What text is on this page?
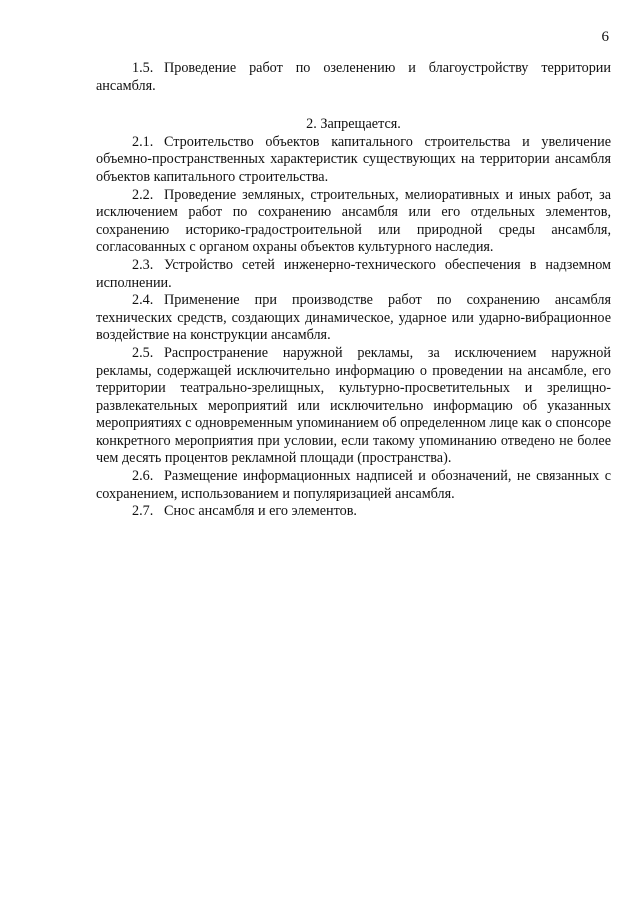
6

1.5. Проведение работ по озеленению и благоустройству территории ансамбля.

2. Запрещается.

2.1. Строительство объектов капитального строительства и увеличение объемно-пространственных характеристик существующих на территории ансамбля объектов капитального строительства.

2.2. Проведение земляных, строительных, мелиоративных и иных работ, за исключением работ по сохранению ансамбля или его отдельных элементов, сохранению историко-градостроительной или природной среды ансамбля, согласованных с органом охраны объектов культурного наследия.

2.3. Устройство сетей инженерно-технического обеспечения в надземном исполнении.

2.4. Применение при производстве работ по сохранению ансамбля технических средств, создающих динамическое, ударное или ударно-вибрационное воздействие на конструкции ансамбля.

2.5. Распространение наружной рекламы, за исключением наружной рекламы, содержащей исключительно информацию о проведении на ансамбле, его территории театрально-зрелищных, культурно-просветительных и зрелищно-развлекательных мероприятий или исключительно информацию об указанных мероприятиях с одновременным упоминанием об определенном лице как о спонсоре конкретного мероприятия при условии, если такому упоминанию отведено не более чем десять процентов рекламной площади (пространства).

2.6. Размещение информационных надписей и обозначений, не связанных с сохранением, использованием и популяризацией ансамбля.

2.7. Снос ансамбля и его элементов.
